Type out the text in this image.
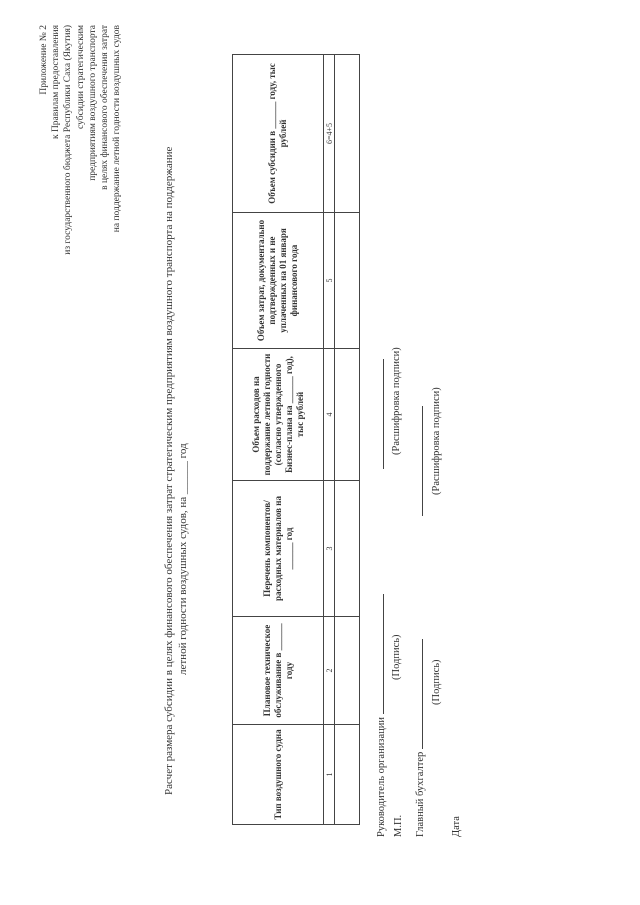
Приложение № 2 к Правилам предоставления из государственного бюджета Республики Саха (Якутия) субсидии стратегическим предприятиям воздушного транспорта в целях финансового обеспечения затрат на поддержание летной годности воздушных судов
Расчет размера субсидии в целях финансового обеспечения затрат стратегическим предприятиям воздушного транспорта на поддержание летной годности воздушных судов, на ______ год
Тип воздушного судна	Плановое техническое обслуживание в ______ году	Перечень компонентов/расходных материалов на ______ год	Объем расходов на поддержание летной годности (согласно утвержденного Бизнес-плана на ______ год), тыс рублей	Объем затрат, документально подтвержденных и не уплаченных на 01 января финансового года	Объем субсидии в ______ году, тыс рублей
1	2	3	4	5	6=4+5

Руководитель организации
(Подпись)
(Расшифровка подписи)
М.П. Главный бухгалтер
(Подпись)
(Расшифровка подписи)
Дата
